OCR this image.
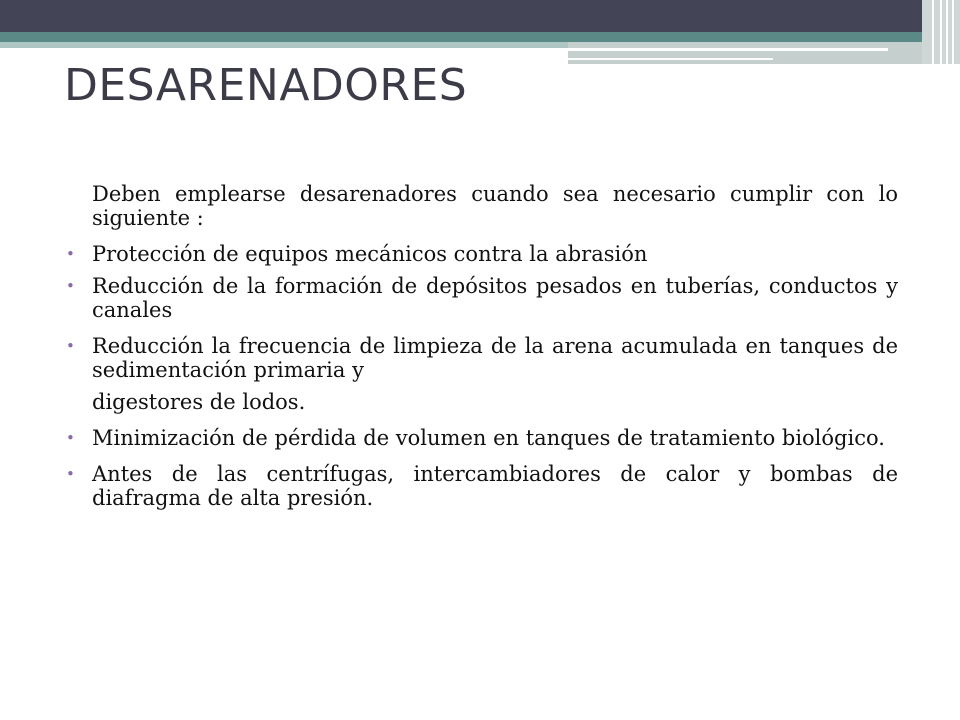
DESARENADORES

Deben emplearse desarenadores cuando sea necesario cumplir con lo siguiente :

• Protección de equipos mecánicos contra la abrasión
• Reducción de la formación de depósitos pesados en tuberías, conductos y canales
• Reducción la frecuencia de limpieza de la arena acumulada en tanques de sedimentación primaria y

digestores de lodos.

• Minimización de pérdida de volumen en tanques de tratamiento biológico.
• Antes de las centrífugas, intercambiadores de calor y bombas de diafragma de alta presión.
